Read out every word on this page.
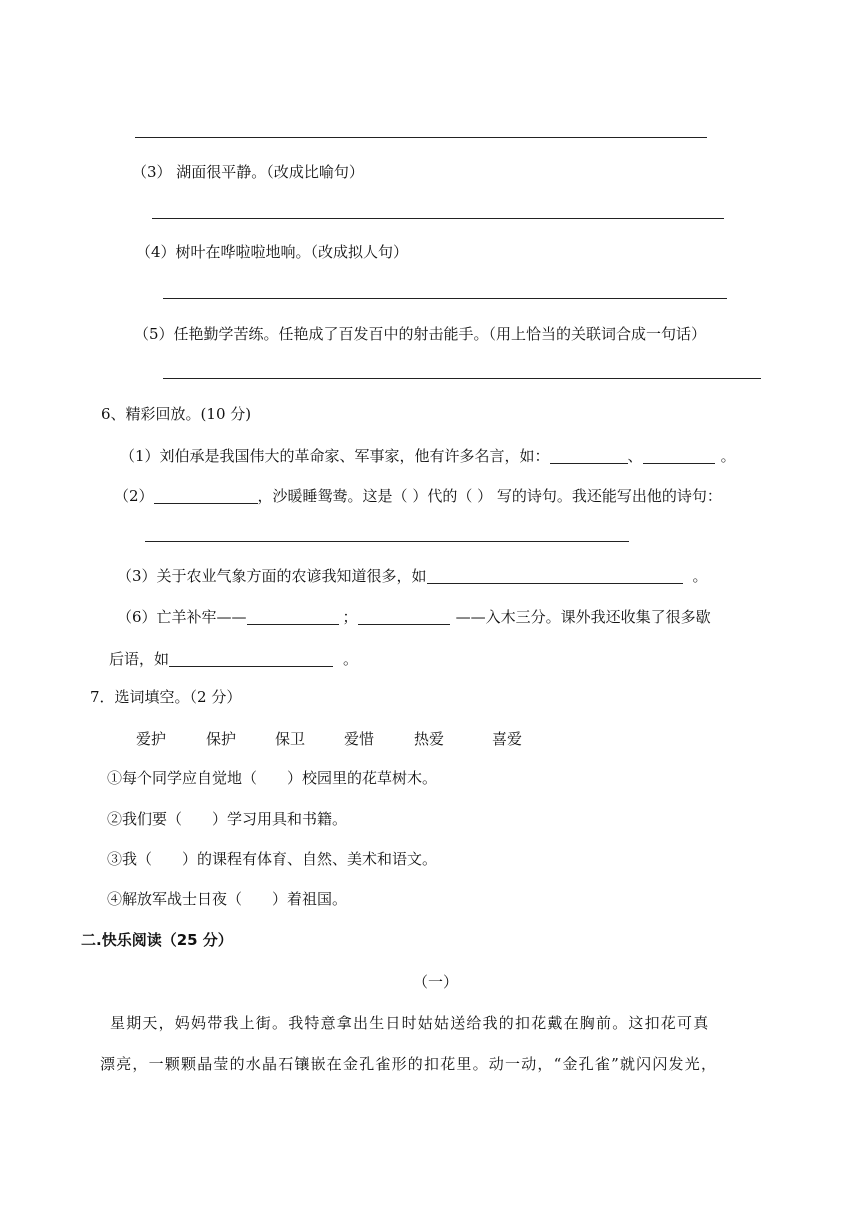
（3） 湖面很平静。（改成比喻句）
（4）树叶在哗啦啦地响。（改成拟人句）
（5）任艳勤学苦练。任艳成了百发百中的射击能手。（用上恰当的关联词合成一句话）
6、精彩回放。(10 分)
（1）刘伯承是我国伟大的革命家、军事家，他有许多名言，如：	、	。
（2）	，沙暖睡鸳鸯。这是（ ）代的（ ） 写的诗句。我还能写出他的诗句：
（3）关于农业气象方面的农谚我知道很多，如	。
（6）亡羊补牢——	；	——入木三分。课外我还收集了很多歇
后语，如	。
7．选词填空。（2 分）
爱护	保护	保卫	爱惜	热爱	喜爱
①每个同学应自觉地（　　）校园里的花草树木。
②我们要（　　）学习用具和书籍。
③我（　　）的课程有体育、自然、美术和语文。
④解放军战士日夜（　　）着祖国。
二.快乐阅读（25 分）
（一）
星期天，妈妈带我上街。我特意拿出生日时姑姑送给我的扣花戴在胸前。这扣花可真
漂亮，一颗颗晶莹的水晶石镶嵌在金孔雀形的扣花里。动一动，“金孔雀”就闪闪发光，
